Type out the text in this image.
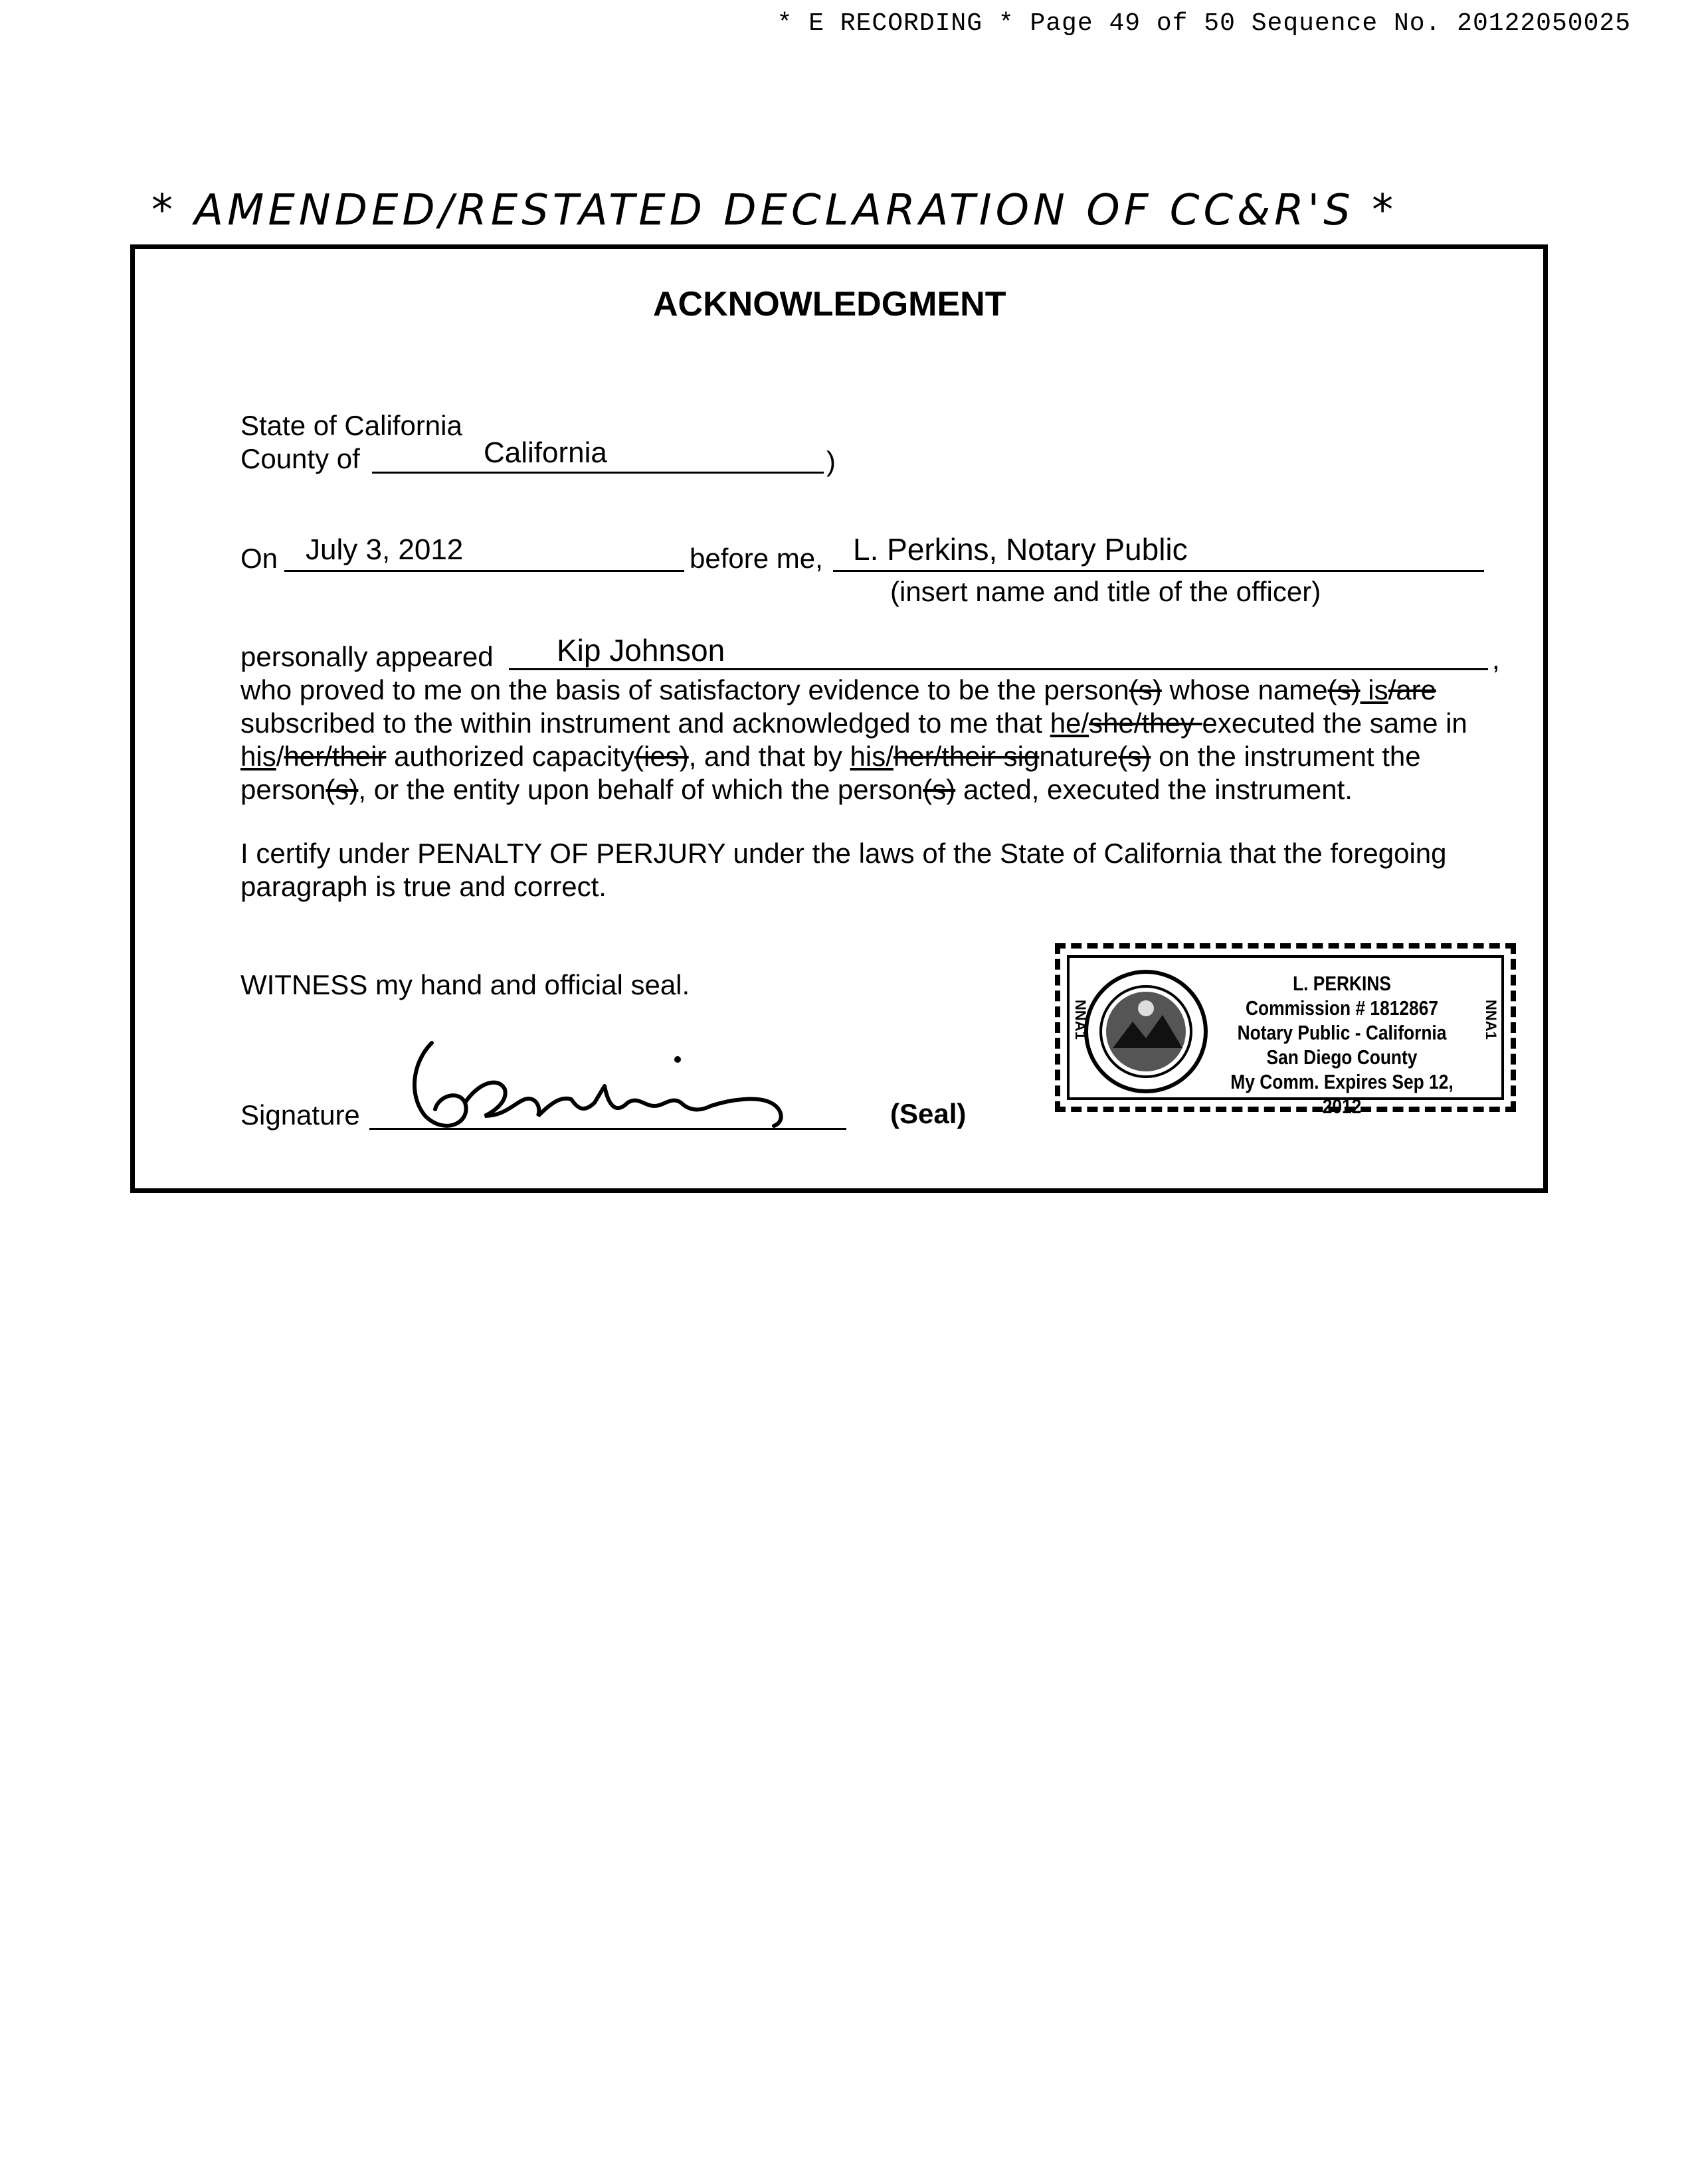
* E RECORDING * Page 49 of 50 Sequence No. 20122050025
* AMENDED/RESTATED DECLARATION OF CC&R'S *
ACKNOWLEDGMENT
State of California
County of	California	)
On July 3, 2012	before me, L. Perkins, Notary Public
(insert name and title of the officer)
personally appeared Kip Johnson	,
who proved to me on the basis of satisfactory evidence to be the person(s) whose name(s) is/are
subscribed to the within instrument and acknowledged to me that he/she/they executed the same in
his/her/their authorized capacity(ies), and that by his/her/their signature(s) on the instrument the
person(s), or the entity upon behalf of which the person(s) acted, executed the instrument.
I certify under PENALTY OF PERJURY under the laws of the State of California that the foregoing
paragraph is true and correct.
WITNESS my hand and official seal.
Signature	(Seal)
L. PERKINS
Commission # 1812867
Notary Public - California
San Diego County
My Comm. Expires Sep 12, 2012
NNA1	NNA1
